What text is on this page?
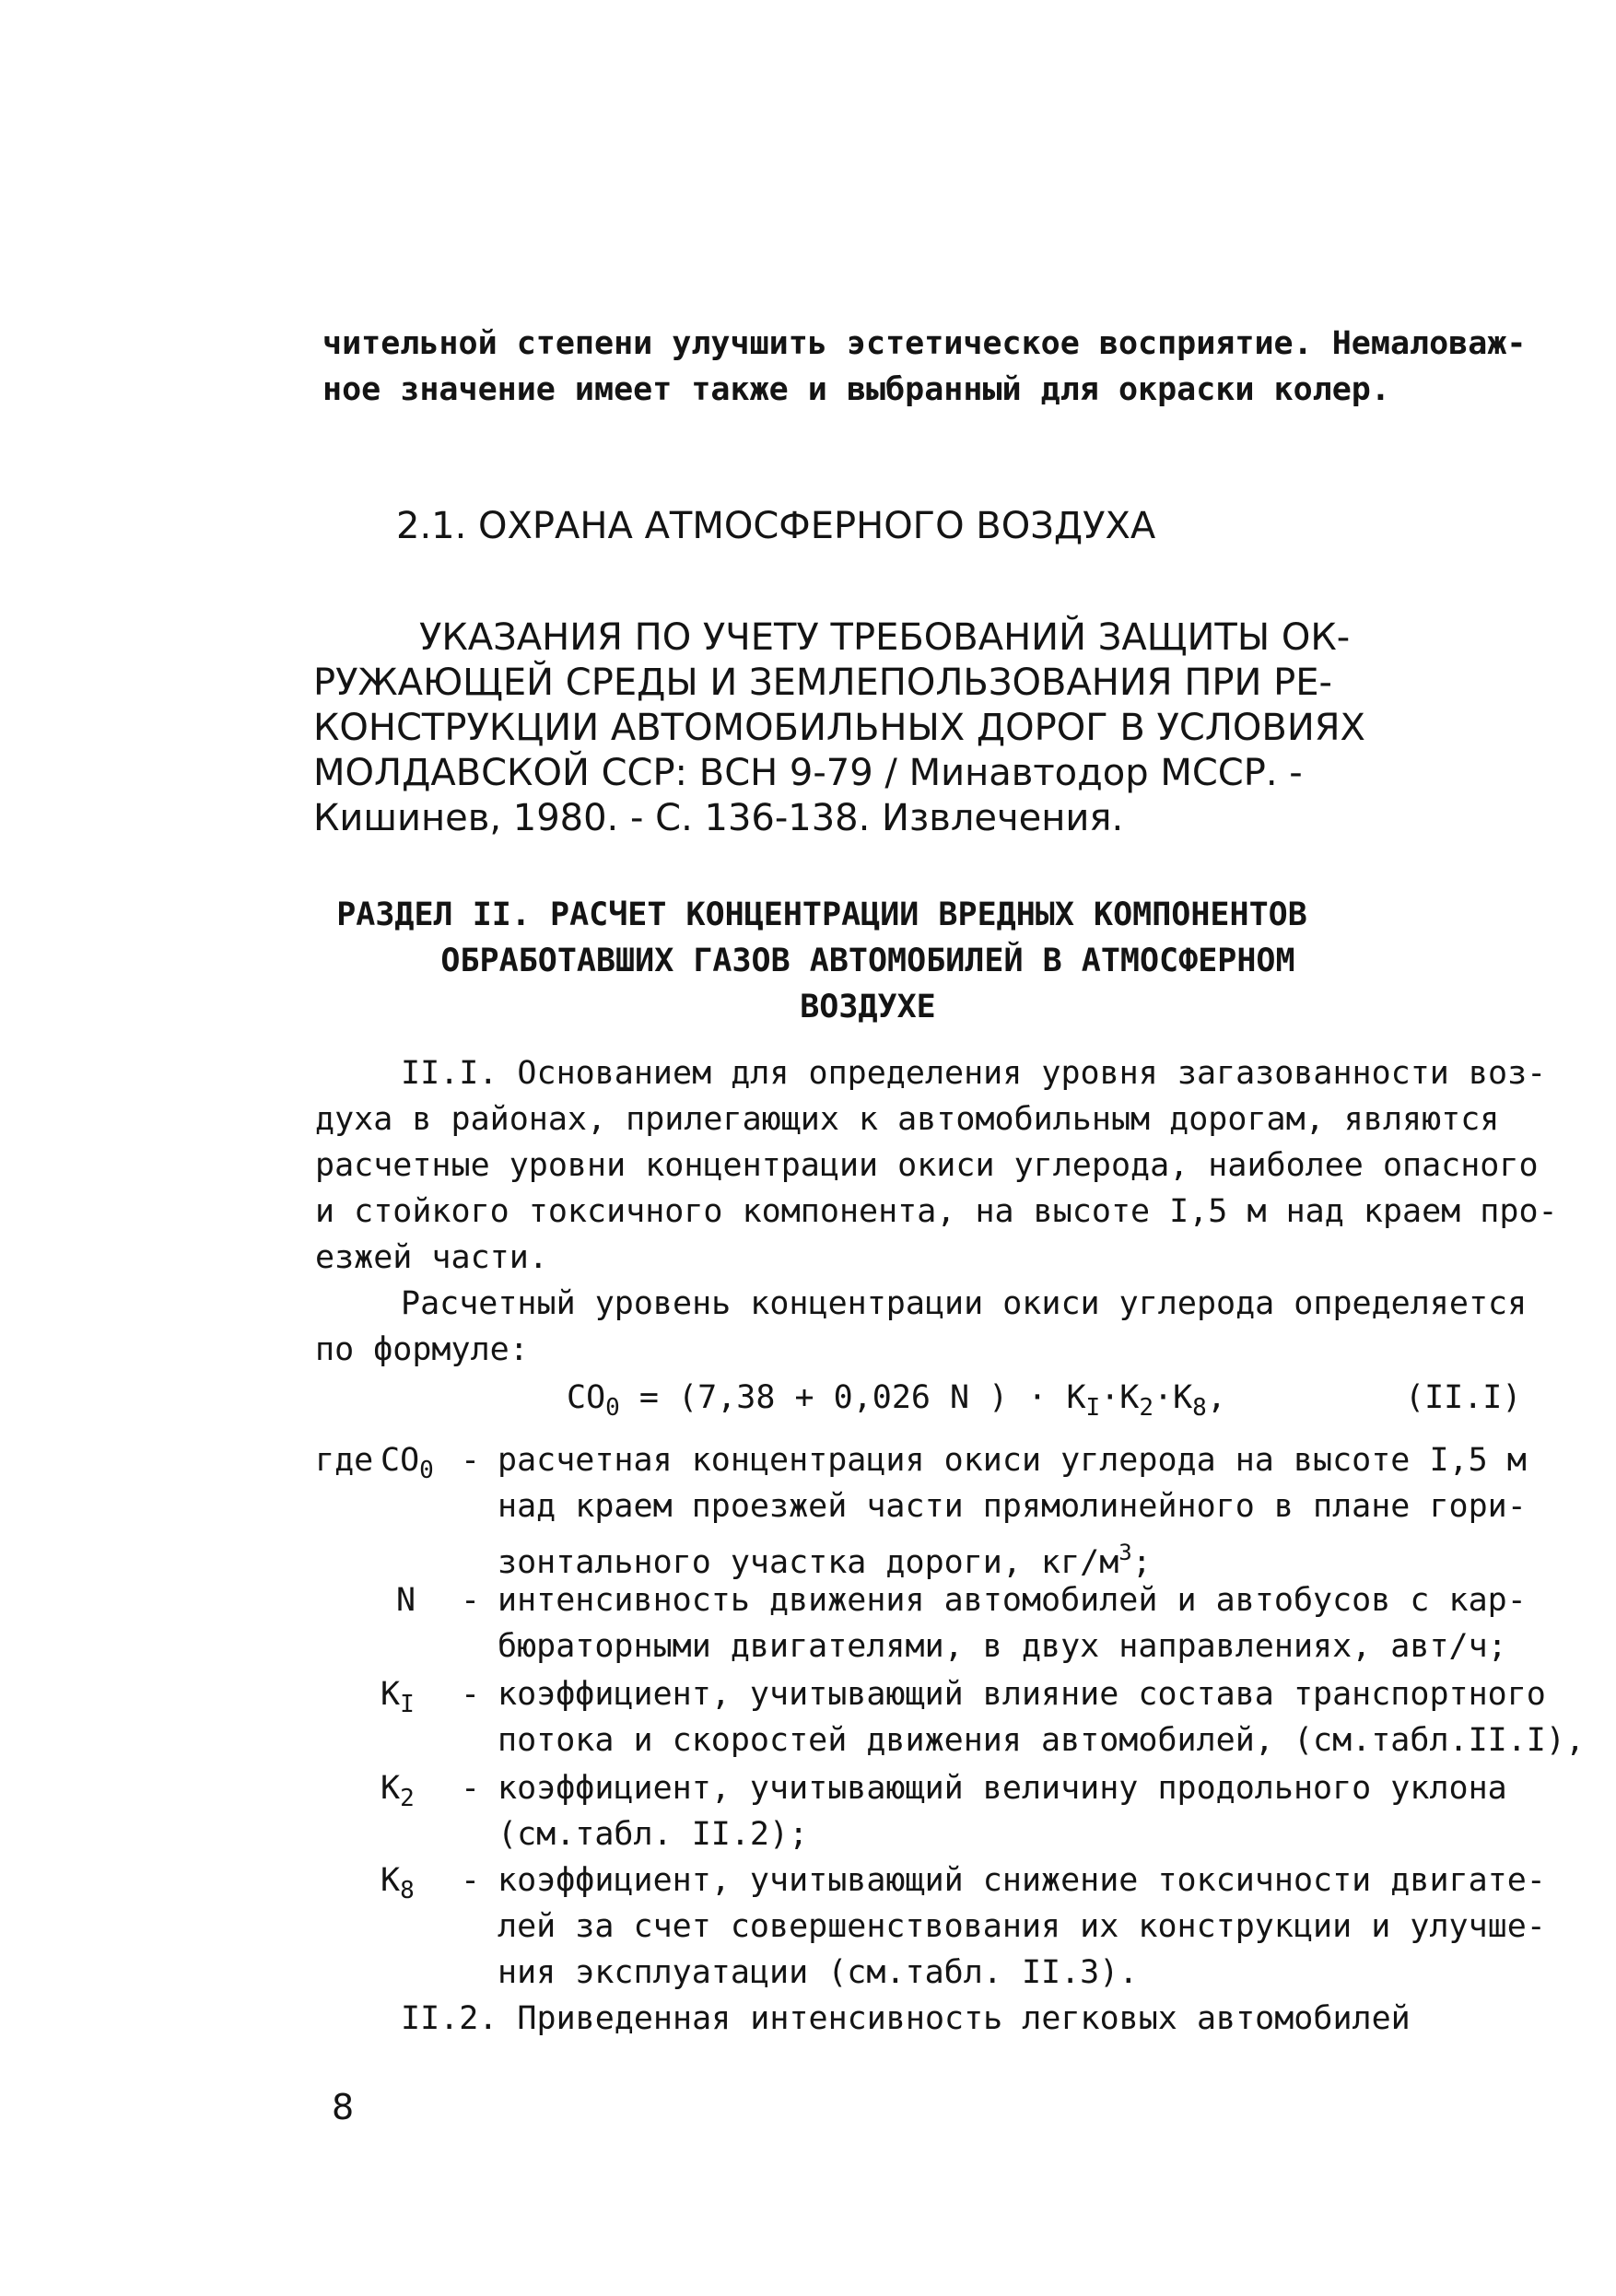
чительной степени улучшить эстетическое восприятие. Немаловаж-
ное значение имеет также и выбранный для окраски колер.
2.1. ОХРАНА АТМОСФЕРНОГО ВОЗДУХА
УКАЗАНИЯ ПО УЧЕТУ ТРЕБОВАНИЙ ЗАЩИТЫ ОК-
РУЖАЮЩЕЙ СРЕДЫ И ЗЕМЛЕПОЛЬЗОВАНИЯ ПРИ РЕ-
КОНСТРУКЦИИ АВТОМОБИЛЬНЫХ ДОРОГ В УСЛОВИЯХ
МОЛДАВСКОЙ ССР: ВСН 9-79 / Минавтодор МССР. -
Кишинев, 1980. - С. 136-138. Извлечения.
РАЗДЕЛ II. РАСЧЕТ КОНЦЕНТРАЦИИ ВРЕДНЫХ КОМПОНЕНТОВ
ОБРАБОТАВШИХ ГАЗОВ АВТОМОБИЛЕЙ В АТМОСФЕРНОМ
ВОЗДУХЕ
II.I. Основанием для определения уровня загазованности воз-
духа в районах, прилегающих к автомобильным дорогам, являются
расчетные уровни концентрации окиси углерода, наиболее опасного
и стойкого токсичного компонента, на высоте I,5 м над краем про-
езжей части.
Расчетный уровень концентрации окиси углерода определяется
по формуле:
$CO_0 = (7,38 + 0,026$ N ) · $K_I\cdot K_2\cdot K_8$,	(II.I)
где $CO_0$ - расчетная концентрация окиси углерода на высоте I,5 м
над краем проезжей части прямолинейного в плане гори-
зонтального участка дороги, $кг/м^3$;
N - интенсивность движения автомобилей и автобусов с кар-
бюраторными двигателями, в двух направлениях, авт/ч;
$K_I$ - коэффициент, учитывающий влияние состава транспортного
потока и скоростей движения автомобилей, (см.табл.II.I),
$K_2$ - коэффициент, учитывающий величину продольного уклона
(см.табл. II.2);
$K_8$ - коэффициент, учитывающий снижение токсичности двигате-
лей за счет совершенствования их конструкции и улучше-
ния эксплуатации (см.табл. II.3).
II.2. Приведенная интенсивность легковых автомобилей
8
